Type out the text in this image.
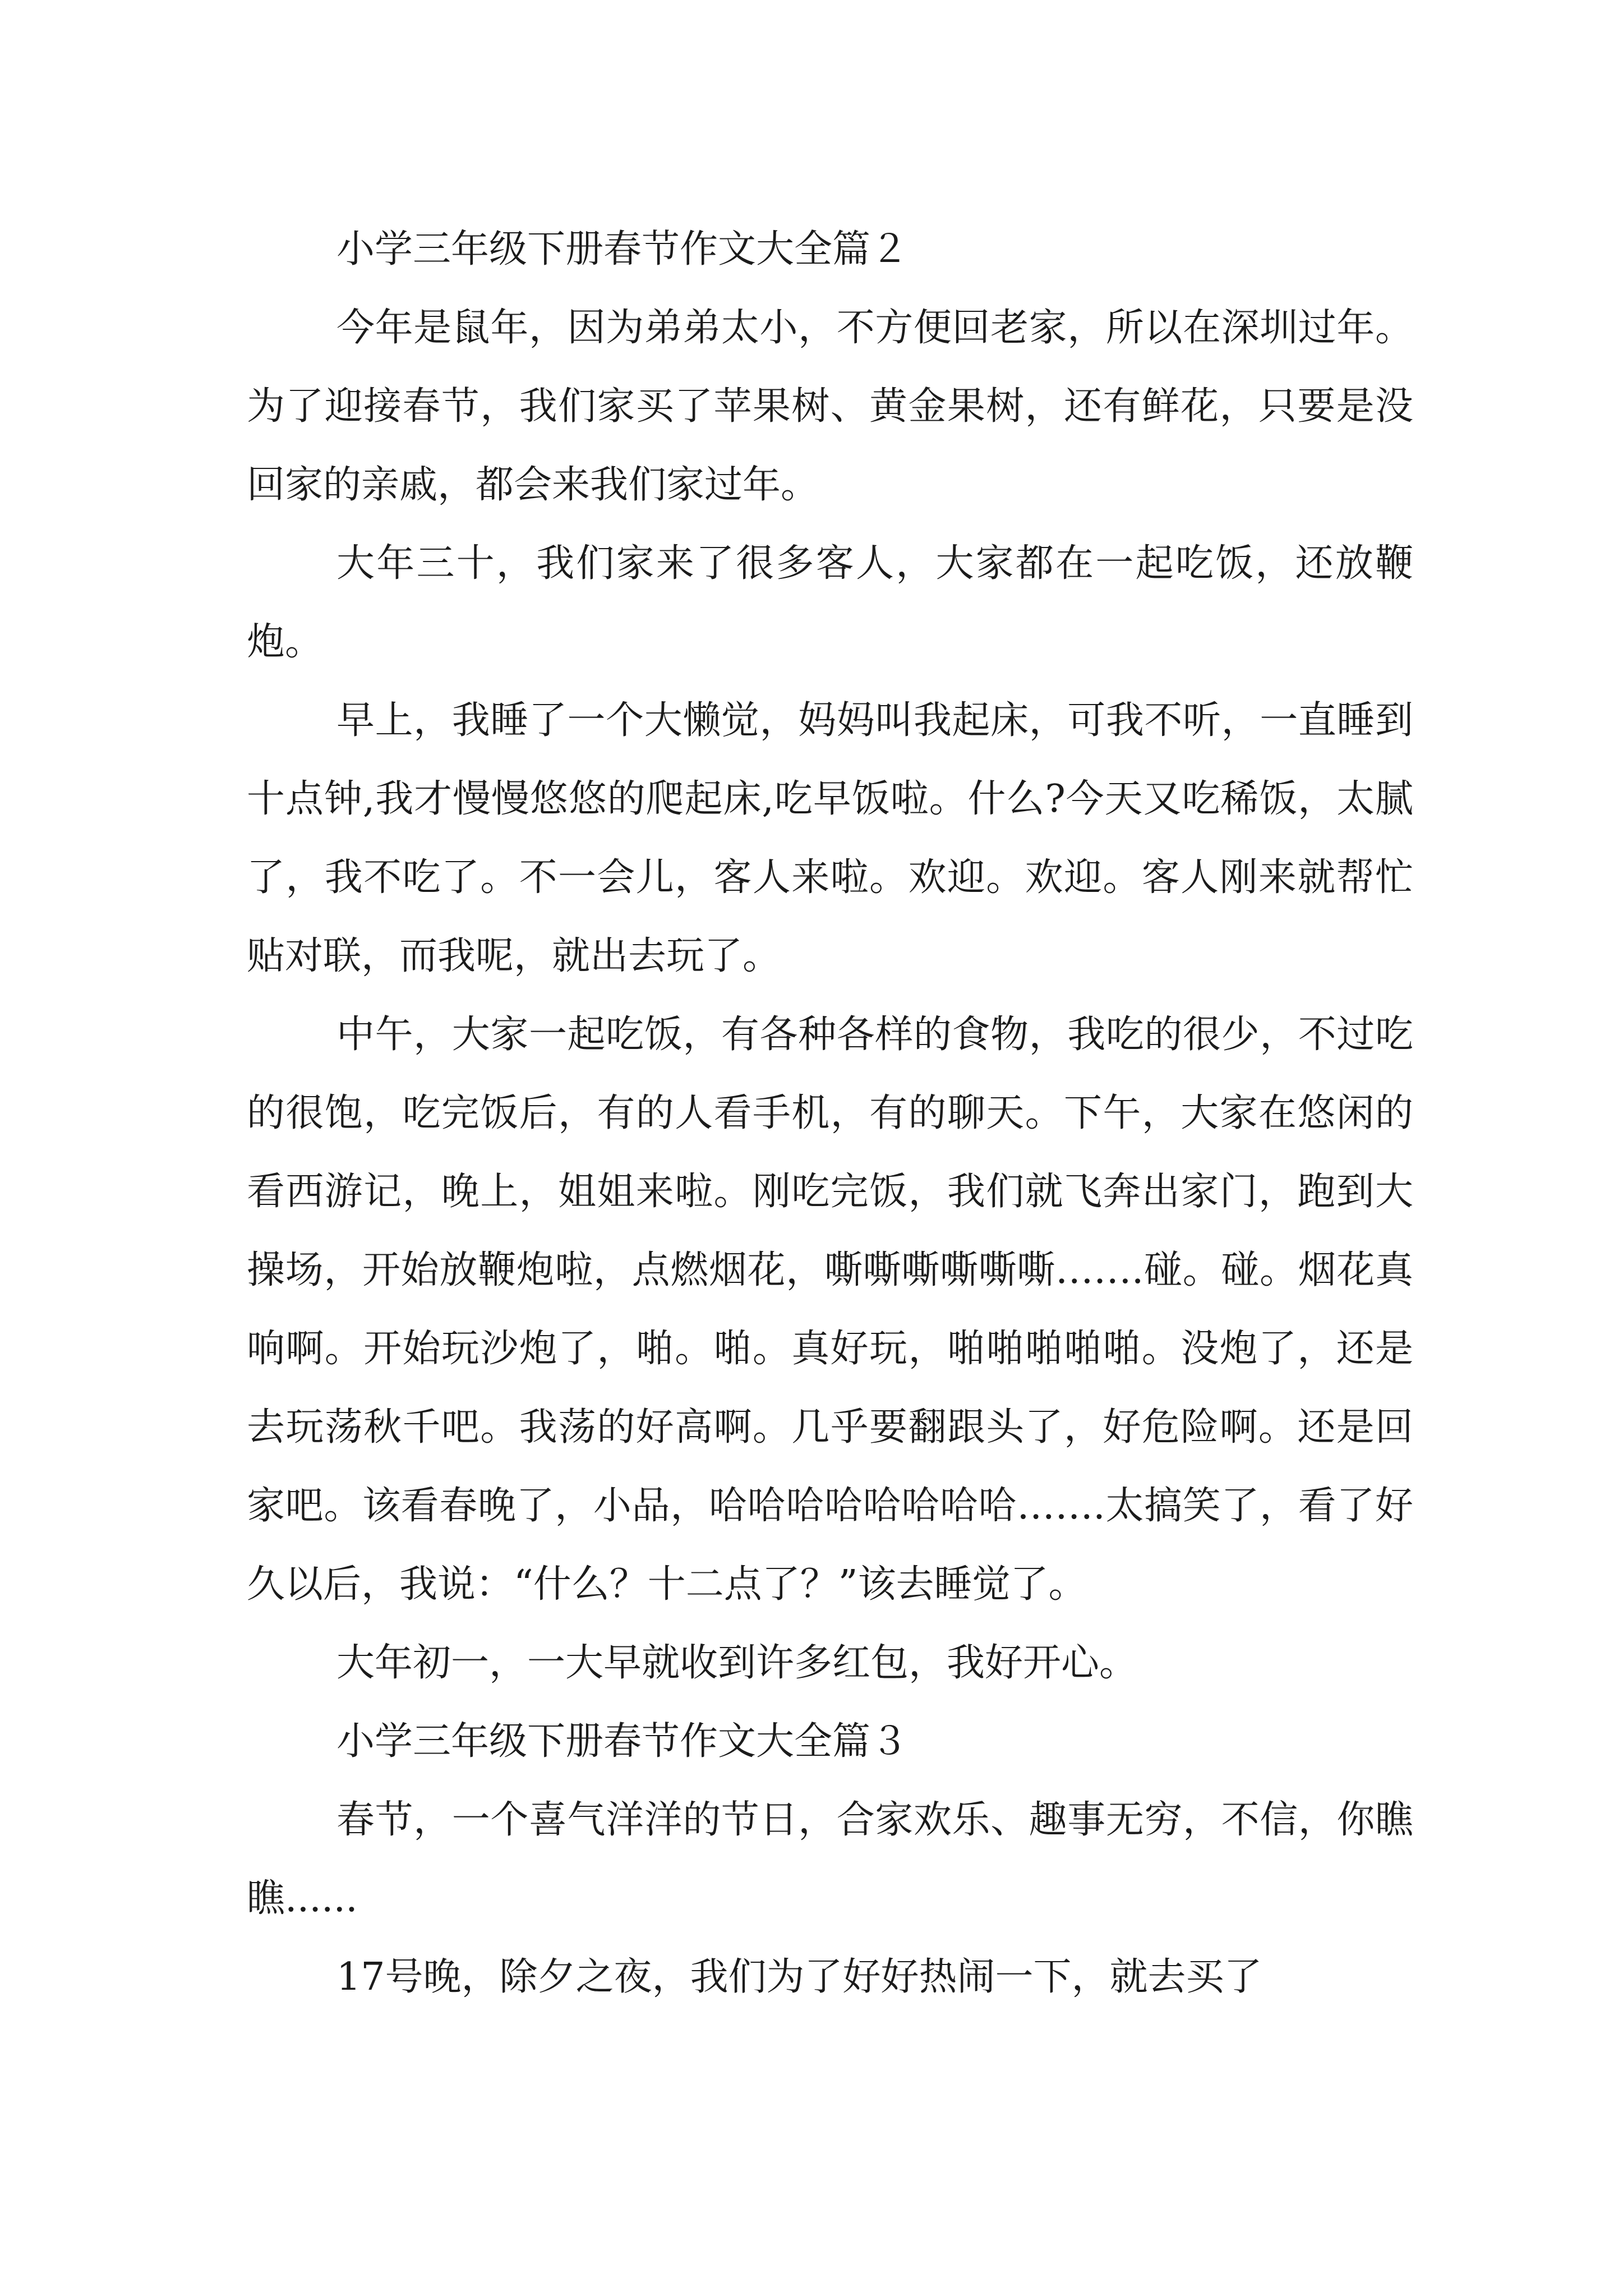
小学三年级下册春节作文大全篇２

今年是鼠年，因为弟弟太小，不方便回老家，所以在深圳过年。为了迎接春节，我们家买了苹果树、黄金果树，还有鲜花，只要是没回家的亲戚，都会来我们家过年。

大年三十，我们家来了很多客人，大家都在一起吃饭，还放鞭炮。

早上，我睡了一个大懒觉，妈妈叫我起床，可我不听，一直睡到十点钟,我才慢慢悠悠的爬起床,吃早饭啦。什么?今天又吃稀饭，太腻了，我不吃了。不一会儿，客人来啦。欢迎。欢迎。客人刚来就帮忙贴对联，而我呢，就出去玩了。

中午，大家一起吃饭，有各种各样的食物，我吃的很少，不过吃的很饱，吃完饭后，有的人看手机，有的聊天。下午，大家在悠闲的看西游记，晚上，姐姐来啦。刚吃完饭，我们就飞奔出家门，跑到大操场，开始放鞭炮啦，点燃烟花，嘶嘶嘶嘶嘶嘶…….碰。碰。烟花真响啊。开始玩沙炮了，啪。啪。真好玩，啪啪啪啪啪。没炮了，还是去玩荡秋千吧。我荡的好高啊。几乎要翻跟头了，好危险啊。还是回家吧。该看春晚了，小品，哈哈哈哈哈哈哈哈…….太搞笑了，看了好久以后，我说：“什么？十二点了？”该去睡觉了。

大年初一，一大早就收到许多红包，我好开心。

小学三年级下册春节作文大全篇３

春节，一个喜气洋洋的节日，合家欢乐、趣事无穷，不信，你瞧瞧......

17号晚，除夕之夜，我们为了好好热闹一下，就去买了
